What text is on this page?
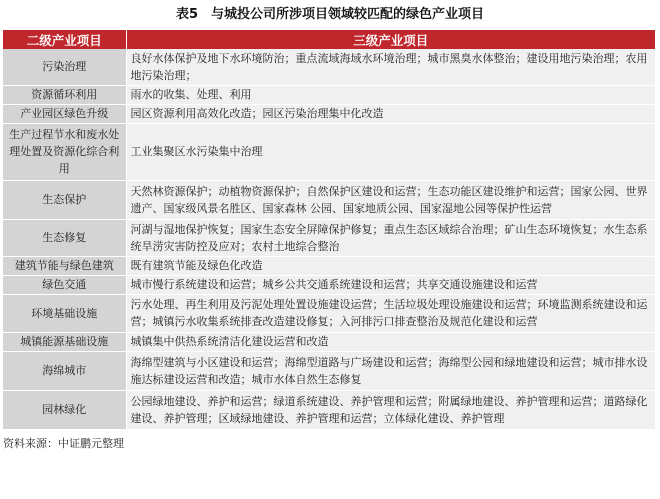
表5　与城投公司所涉项目领域较匹配的绿色产业项目
二级产业项目	三级产业项目
污染治理	良好水体保护及地下水环境防治；重点流域海域水环境治理；城市黑臭水体整治；建设用地污染治理；农用地污染治理；
资源循环利用	雨水的收集、处理、利用
产业园区绿色升级	园区资源利用高效化改造；园区污染治理集中化改造
生产过程节水和废水处理处置及资源化综合利用	工业集聚区水污染集中治理
生态保护	天然林资源保护；动植物资源保护；自然保护区建设和运营；生态功能区建设维护和运营；国家公园、世界遗产、国家级风景名胜区、国家森林 公园、国家地质公园、国家湿地公园等保护性运营
生态修复	河湖与湿地保护恢复；国家生态安全屏障保护修复；重点生态区域综合治理；矿山生态环境恢复；水生态系统旱涝灾害防控及应对；农村土地综合整治
建筑节能与绿色建筑	既有建筑节能及绿色化改造
绿色交通	城市慢行系统建设和运营；城乡公共交通系统建设和运营；共享交通设施建设和运营
环境基础设施	污水处理、再生利用及污泥处理处置设施建设运营；生活垃圾处理设施建设和运营；环境监测系统建设和运营；城镇污水收集系统排查改造建设修复；入河排污口排查整治及规范化建设和运营
城镇能源基础设施	城镇集中供热系统清洁化建设运营和改造
海绵城市	海绵型建筑与小区建设和运营；海绵型道路与广场建设和运营；海绵型公园和绿地建设和运营；城市排水设施达标建设运营和改造；城市水体自然生态修复
园林绿化	公园绿地建设、养护和运营；绿道系统建设、养护管理和运营；附属绿地建设、养护管理和运营；道路绿化建设、养护管理；区域绿地建设、养护管理和运营；立体绿化建设、养护管理
资料来源：中证鹏元整理
